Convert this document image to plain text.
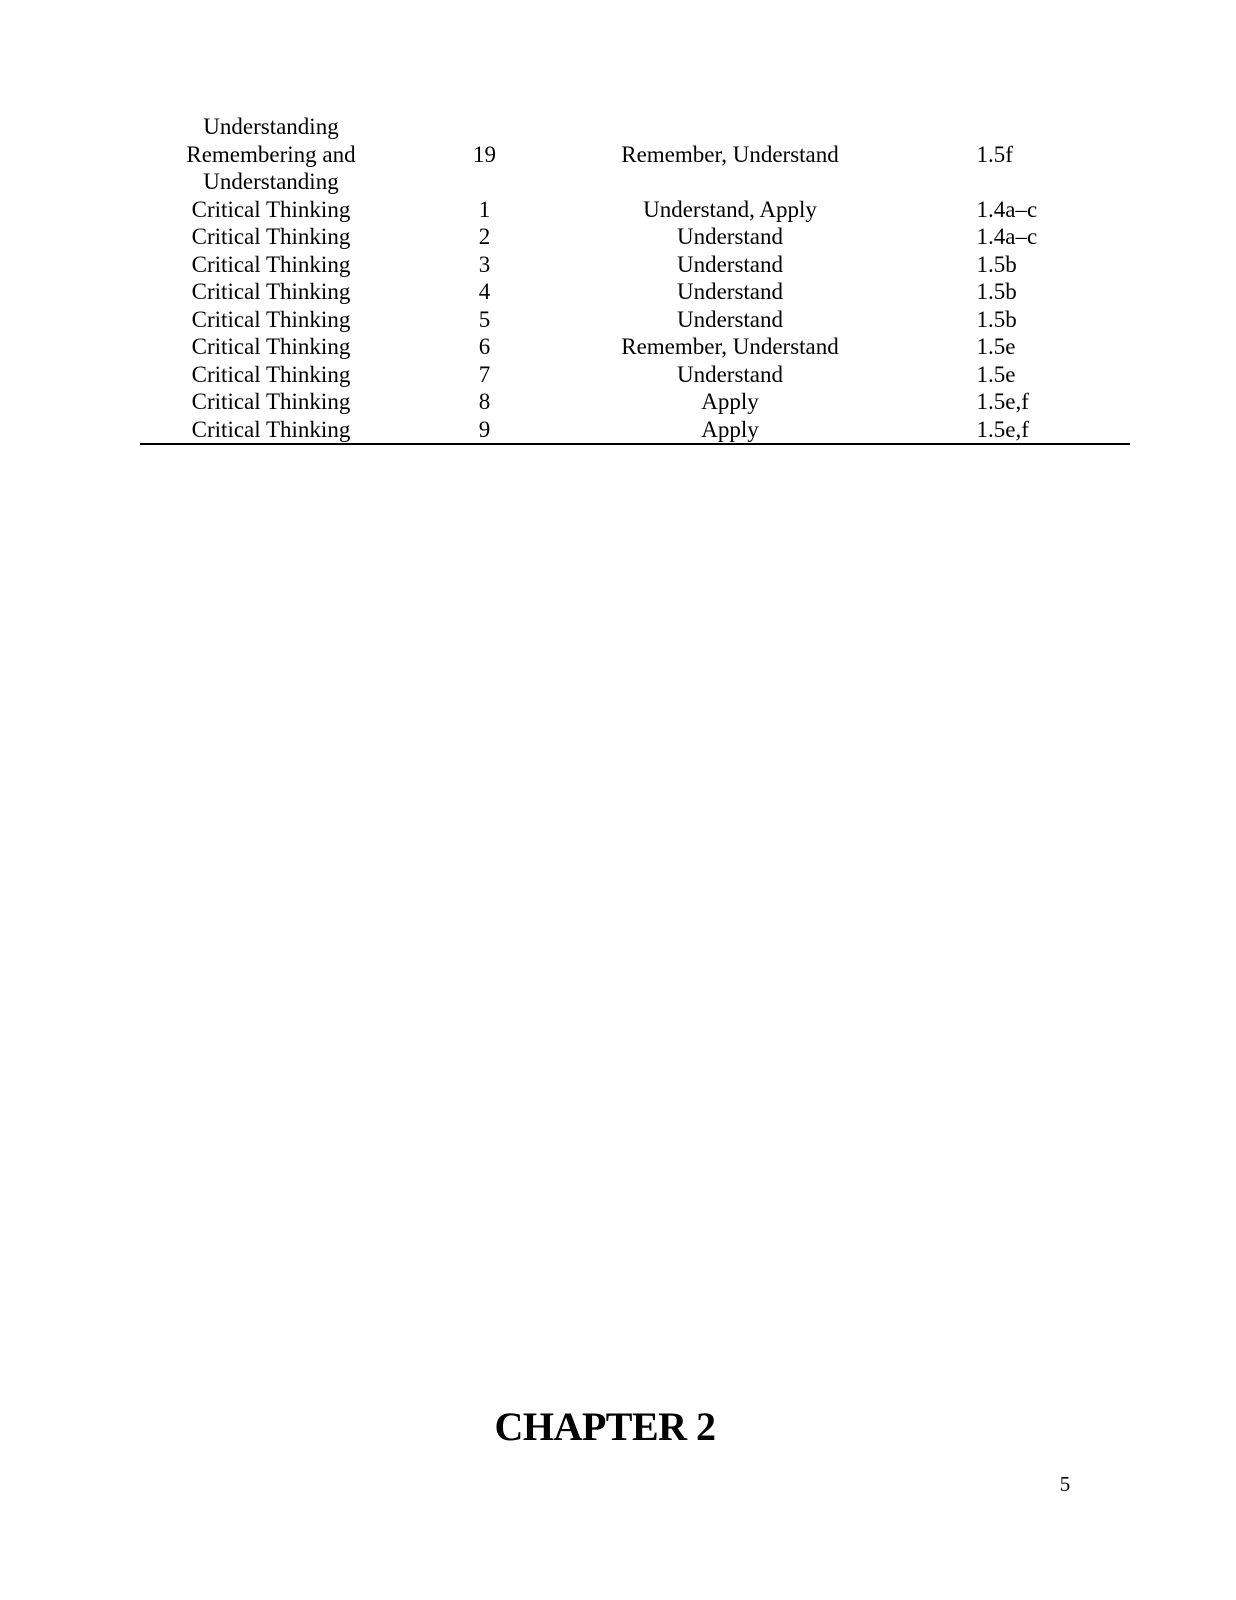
Understanding
Remembering and
Understanding	19	Remember, Understand	1.5f
Critical Thinking	1	Understand, Apply	1.4a–c
Critical Thinking	2	Understand	1.4a–c
Critical Thinking	3	Understand	1.5b
Critical Thinking	4	Understand	1.5b
Critical Thinking	5	Understand	1.5b
Critical Thinking	6	Remember, Understand	1.5e
Critical Thinking	7	Understand	1.5e
Critical Thinking	8	Apply	1.5e,f
Critical Thinking	9	Apply	1.5e,f
CHAPTER 2
5
